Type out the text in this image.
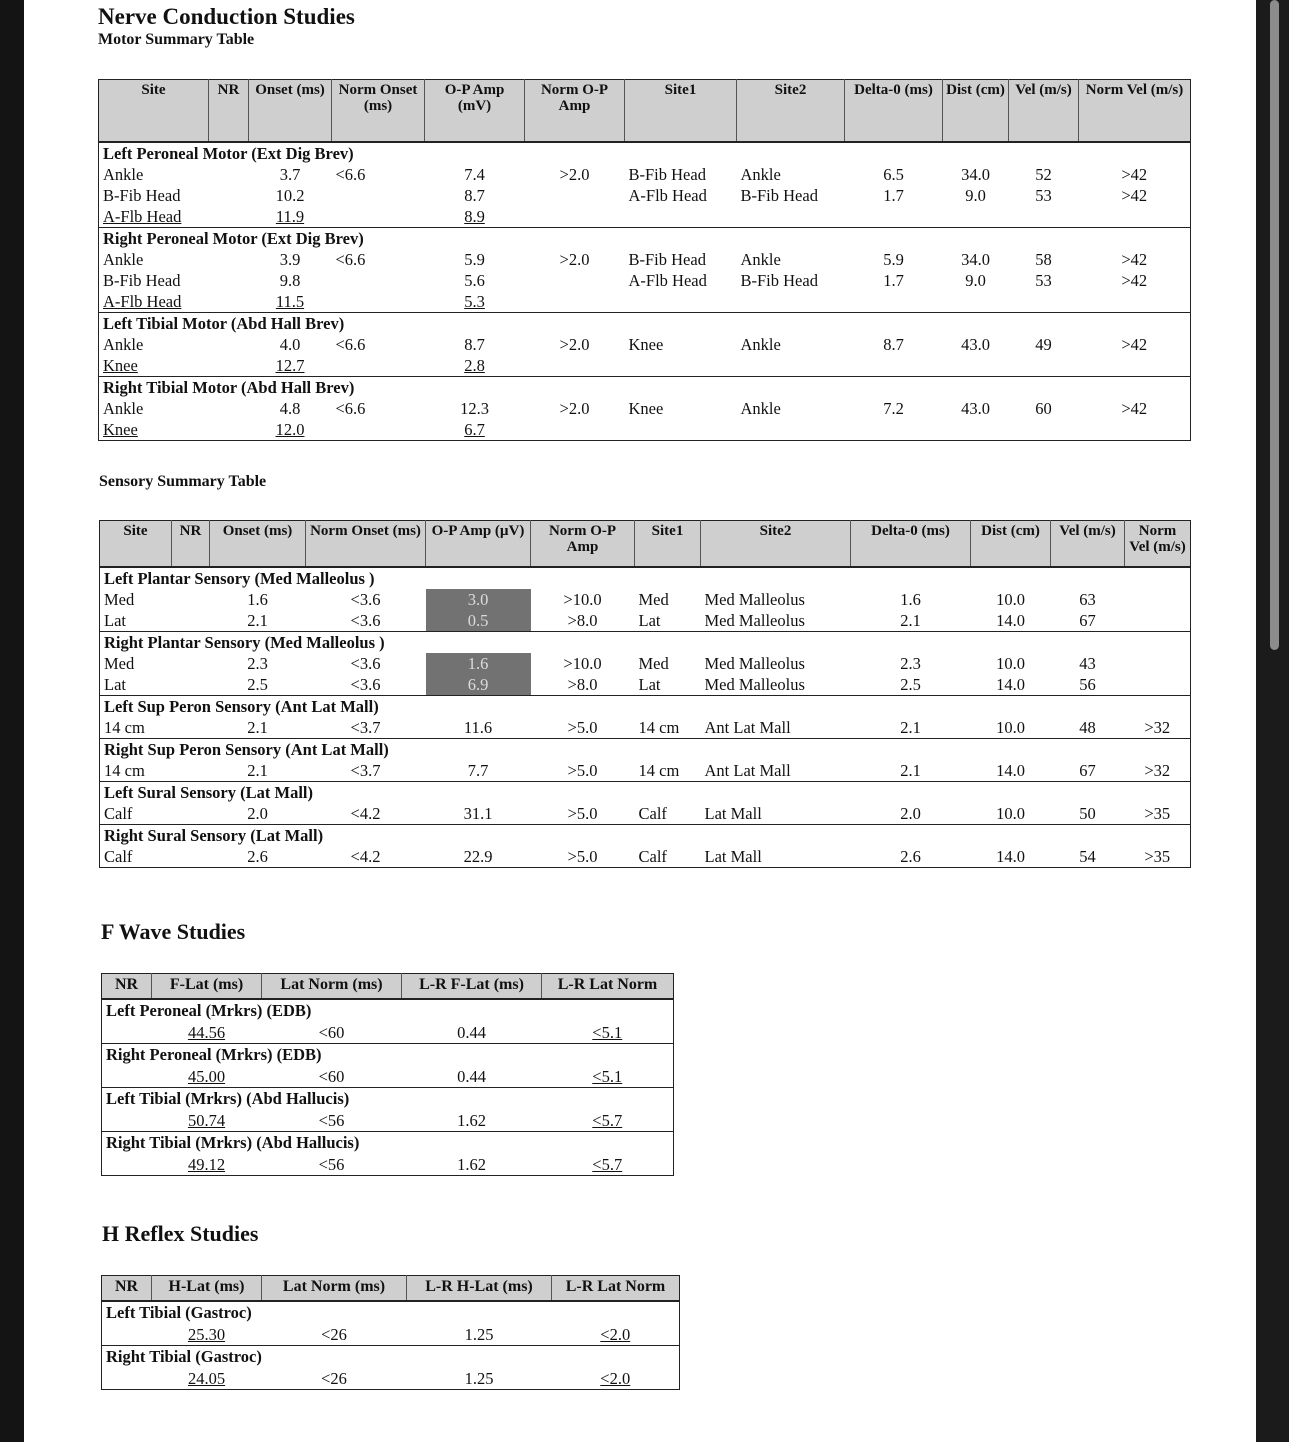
Nerve Conduction Studies
Motor Summary Table
Site	NR	Onset (ms)	Norm Onset (ms)	O-P Amp (mV)	Norm O-P Amp	Site1	Site2	Delta-0 (ms)	Dist (cm)	Vel (m/s)	Norm Vel (m/s)
Left Peroneal Motor (Ext Dig Brev)											
Ankle		3.7	<6.6	7.4	>2.0	B-Fib Head	Ankle	6.5	34.0	52	>42
B-Fib Head		10.2		8.7		A-Flb Head	B-Fib Head	1.7	9.0	53	>42
A-Flb Head		11.9		8.9							
Right Peroneal Motor (Ext Dig Brev)											
Ankle		3.9	<6.6	5.9	>2.0	B-Fib Head	Ankle	5.9	34.0	58	>42
B-Fib Head		9.8		5.6		A-Flb Head	B-Fib Head	1.7	9.0	53	>42
A-Flb Head		11.5		5.3							
Left Tibial Motor (Abd Hall Brev)											
Ankle		4.0	<6.6	8.7	>2.0	Knee	Ankle	8.7	43.0	49	>42
Knee		12.7		2.8							
Right Tibial Motor (Abd Hall Brev)											
Ankle		4.8	<6.6	12.3	>2.0	Knee	Ankle	7.2	43.0	60	>42
Knee		12.0		6.7							
Sensory Summary Table
Site	NR	Onset (ms)	Norm Onset (ms)	O-P Amp (µV)	Norm O-P Amp	Site1	Site2	Delta-0 (ms)	Dist (cm)	Vel (m/s)	Norm Vel (m/s)
Left Plantar Sensory (Med Malleolus )											
Med		1.6	<3.6	3.0	>10.0	Med	Med Malleolus	1.6	10.0	63	
Lat		2.1	<3.6	0.5	>8.0	Lat	Med Malleolus	2.1	14.0	67	
Right Plantar Sensory (Med Malleolus )											
Med		2.3	<3.6	1.6	>10.0	Med	Med Malleolus	2.3	10.0	43	
Lat		2.5	<3.6	6.9	>8.0	Lat	Med Malleolus	2.5	14.0	56	
Left Sup Peron Sensory (Ant Lat Mall)											
14 cm		2.1	<3.7	11.6	>5.0	14 cm	Ant Lat Mall	2.1	10.0	48	>32
Right Sup Peron Sensory (Ant Lat Mall)											
14 cm		2.1	<3.7	7.7	>5.0	14 cm	Ant Lat Mall	2.1	14.0	67	>32
Left Sural Sensory (Lat Mall)											
Calf		2.0	<4.2	31.1	>5.0	Calf	Lat Mall	2.0	10.0	50	>35
Right Sural Sensory (Lat Mall)											
Calf		2.6	<4.2	22.9	>5.0	Calf	Lat Mall	2.6	14.0	54	>35
F Wave Studies
NR	F-Lat (ms)	Lat Norm (ms)	L-R F-Lat (ms)	L-R Lat Norm
Left Peroneal (Mrkrs) (EDB)				
	44.56	<60	0.44	<5.1
Right Peroneal (Mrkrs) (EDB)				
	45.00	<60	0.44	<5.1
Left Tibial (Mrkrs) (Abd Hallucis)				
	50.74	<56	1.62	<5.7
Right Tibial (Mrkrs) (Abd Hallucis)				
	49.12	<56	1.62	<5.7
H Reflex Studies
NR	H-Lat (ms)	Lat Norm (ms)	L-R H-Lat (ms)	L-R Lat Norm
Left Tibial (Gastroc)				
	25.30	<26	1.25	<2.0
Right Tibial (Gastroc)				
	24.05	<26	1.25	<2.0
